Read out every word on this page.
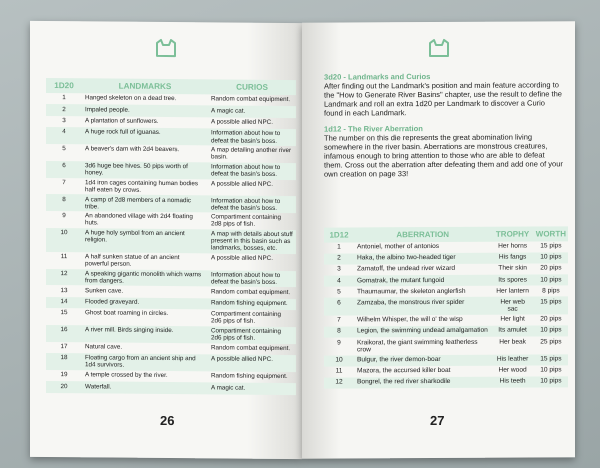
1D20	LANDMARKS	CURIOS
1	Hanged skeleton on a dead tree.	Random combat equipment.
2	Impaled people.	A magic cat.
3	A plantation of sunflowers.	A possible allied NPC.
4	A huge rock full of iguanas.	Information about how to defeat the basin's boss.
5	A beaver's dam with 2d4 beavers.	A map detailing another river basin.
6	3d6 huge bee hives. 50 pips worth of honey.	Information about how to defeat the basin's boss.
7	1d4 iron cages containing human bodies half eaten by crows.	A possible allied NPC.
8	A camp of 2d8 members of a nomadic tribe.	Information about how to defeat the basin's boss.
9	An abandoned village with 2d4 floating huts.	Compartiment containing 2d8 pips of fish.
10	A huge holy symbol from an ancient religion.	A map with details about stuff present in this basin such as landmarks, bosses, etc.
11	A half sunken statue of an ancient powerful person.	A possible allied NPC.
12	A speaking gigantic monolith which warns from dangers.	Information about how to defeat the basin's boss.
13	Sunken cave.	Random combat equipment.
14	Flooded graveyard.	Random fishing equipment.
15	Ghost boat roaming in circles.	Compartiment containing 2d6 pips of fish.
16	A river mill. Birds singing inside.	Compartiment containing 2d6 pips of fish.
17	Natural cave.	Random combat equipment.
18	Floating cargo from an ancient ship and 1d4 survivors.	A possible allied NPC.
19	A temple crossed by the river.	Random fishing equipment.
20	Waterfall.	A magic cat.
26
3d20 - Landmarks and Curios

After finding out the Landmark's position and main feature according to the "How to Generate River Basins" chapter, use the result to define the Landmark and roll an extra 1d20 per Landmark to discover a Curio found in each Landmark.

1d12 - The River Aberration

The number on this die represents the great abomination living somewhere in the river basin. Aberrations are monstrous creatures, infamous enough to bring attention to those who are able to defeat them. Cross out the aberration after defeating them and add one of your own creation on page 33!

1D12	ABERRATION	TROPHY	WORTH
1	Antoniel, mother of antonios	Her horns	15 pips
2	Haka, the albino two-headed tiger	His fangs	10 pips
3	Zamatoff, the undead river wizard	Their skin	20 pips
4	Gomatrak, the mutant fungoid	Its spores	10 pips
5	Thaumaumar, the skeleton anglerfish	Her lantern	8 pips
6	Zamzaba, the monstrous river spider	Her web sac	15 pips
7	Wilhelm Whisper, the will o' the wisp	Her light	20 pips
8	Legion, the swimming undead amalgamation	Its amulet	10 pips
9	Kraikorat, the giant swimming featherless crow	Her beak	25 pips
10	Bulgur, the river demon-boar	His leather	15 pips
11	Mazora, the accursed killer boat	Her wood	10 pips
12	Bongrel, the red river sharkodile	His teeth	10 pips
27
